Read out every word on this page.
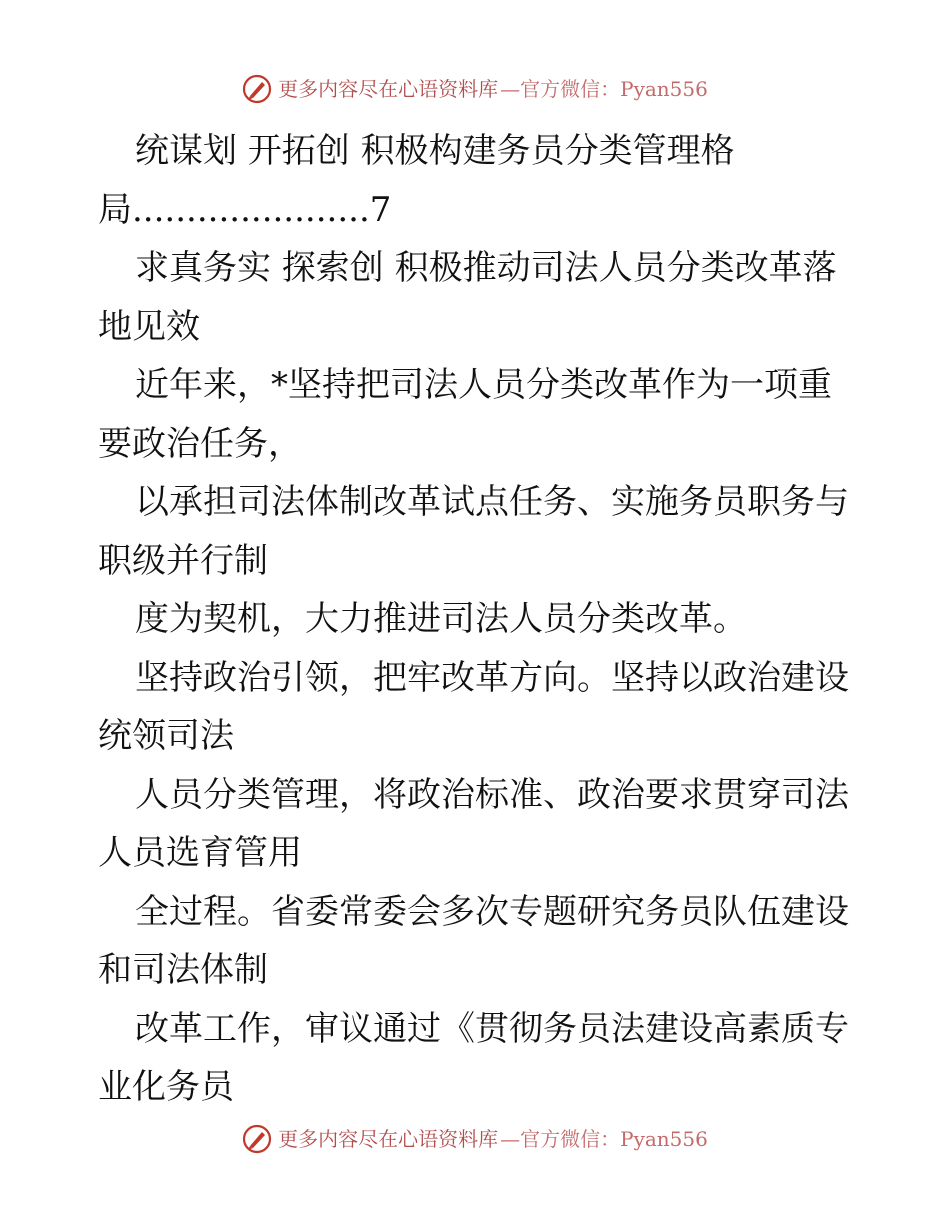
更多内容尽在心语资料库 —官方微信：Pyan556

统谋划 开拓创 积极构建务员分类管理格

局......................7

求真务实 探索创 积极推动司法人员分类改革落

地见效

近年来，*坚持把司法人员分类改革作为一项重

要政治任务，

以承担司法体制改革试点任务、实施务员职务与

职级并行制

度为契机，大力推进司法人员分类改革。

坚持政治引领，把牢改革方向。坚持以政治建设

统领司法

人员分类管理，将政治标准、政治要求贯穿司法

人员选育管用

全过程。省委常委会多次专题研究务员队伍建设

和司法体制

改革工作，审议通过《贯彻务员法建设高素质专

业化务员

更多内容尽在心语资料库 —官方微信：Pyan556
